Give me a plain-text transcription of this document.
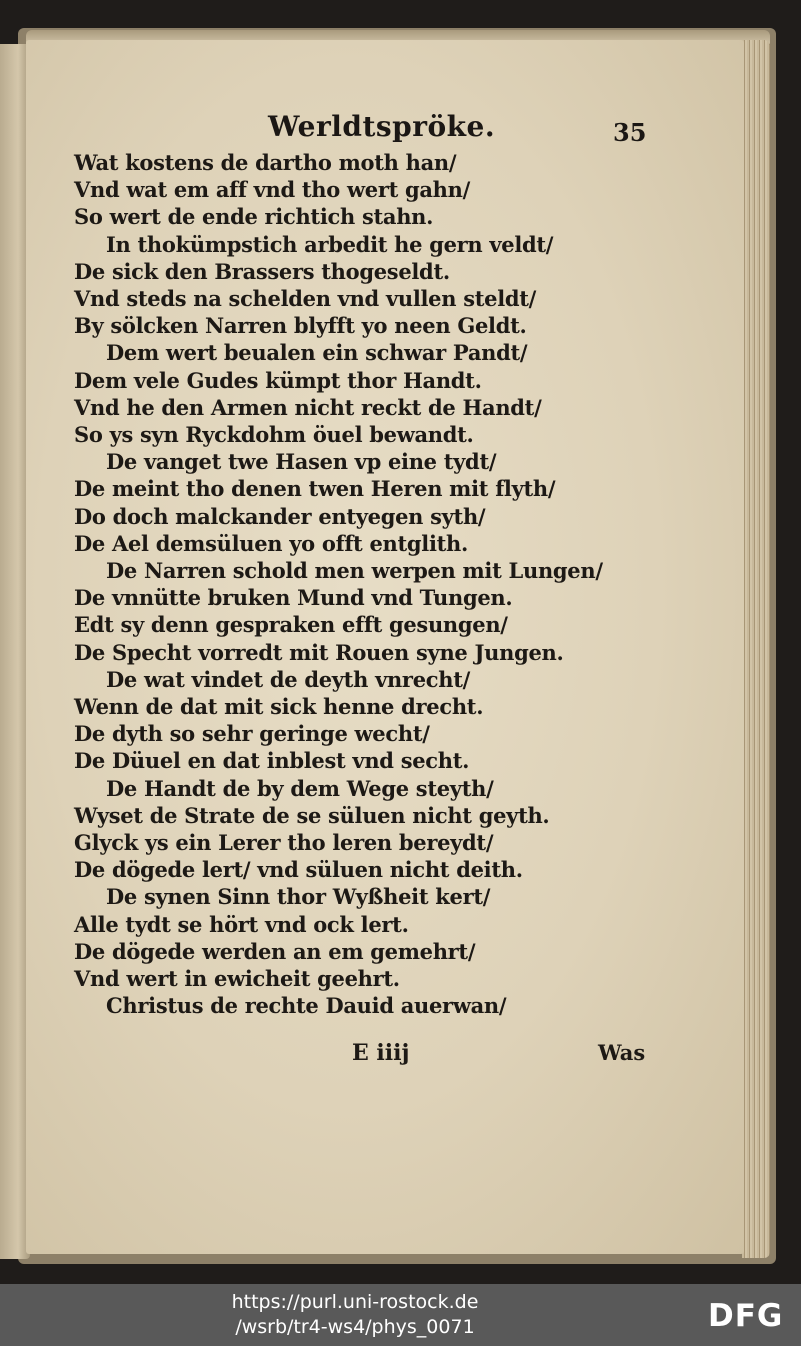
Werldtspröke.	35
Wat kostens de dartho moth han/
Vnd wat em aff vnd tho wert gahn/
So wert de ende richtich stahn.
In thokümpstich arbedit he gern veldt/
De sick den Brassers thogeseldt.
Vnd steds na schelden vnd vullen steldt/
By sölcken Narren blyfft yo neen Geldt.
Dem wert beualen ein schwar Pandt/
Dem vele Gudes kümpt thor Handt.
Vnd he den Armen nicht reckt de Handt/
So ys syn Ryckdohm öuel bewandt.
De vanget twe Hasen vp eine tydt/
De meint tho denen twen Heren mit flyth/
Do doch malckander entyegen syth/
De Ael demsüluen yo offt entglith.
De Narren schold men werpen mit Lungen/
De vnnütte bruken Mund vnd Tungen.
Edt sy denn gespraken efft gesungen/
De Specht vorredt mit Rouen syne Jungen.
De wat vindet de deyth vnrecht/
Wenn de dat mit sick henne drecht.
De dyth so sehr geringe wecht/
De Düuel en dat inblest vnd secht.
De Handt de by dem Wege steyth/
Wyset de Strate de se süluen nicht geyth.
Glyck ys ein Lerer tho leren bereydt/
De dögede lert/ vnd süluen nicht deith.
De synen Sinn thor Wyßheit kert/
Alle tydt se hört vnd ock lert.
De dögede werden an em gemehrt/
Vnd wert in ewicheit geehrt.
Christus de rechte Dauid auerwan/
E iiij	Was
https://purl.uni-rostock.de
/wsrb/tr4-ws4/phys_0071	DFG
